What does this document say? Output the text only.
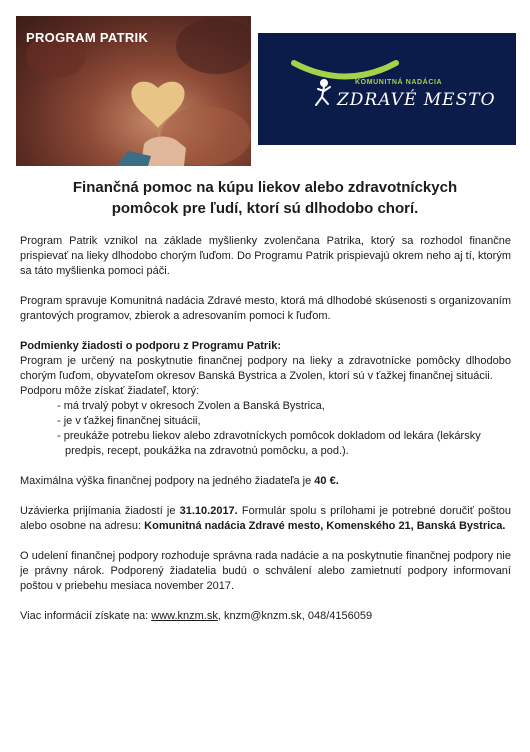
PROGRAM PATRIK
KOMUNITNÁ NADÁCIA
ZDRAVÉ MESTO
Finančná pomoc na kúpu liekov alebo zdravotníckych
pomôcok pre ľudí, ktorí sú dlhodobo chorí.

Program Patrik vznikol na základe myšlienky zvolenčana Patrika, ktorý sa rozhodol finančne prispievať na lieky dlhodobo chorým ľuďom. Do Programu Patrik prispievajú okrem neho aj tí, ktorým sa táto myšlienka pomoci páči.

Program spravuje Komunitná nadácia Zdravé mesto, ktorá má dlhodobé skúsenosti s organizovaním grantových programov, zbierok a adresovaním pomoci k ľuďom.

Podmienky žiadosti o podporu z Programu Patrik:

Program je určený na poskytnutie finančnej podpory na lieky a zdravotnícke pomôcky dlhodobo chorým ľuďom, obyvateľom okresov Banská Bystrica a Zvolen, ktorí sú v ťažkej finančnej situácii.

Podporu môže získať žiadateľ, ktorý:

- má trvalý pobyt v okresoch Zvolen a Banská Bystrica,
- je v ťažkej finančnej situácii,
- preukáže potrebu liekov alebo zdravotníckych pomôcok dokladom od lekára (lekársky predpis, recept, poukážka na zdravotnú pomôcku, a pod.).

Maximálna výška finančnej podpory na jedného žiadateľa je 40 €.

Uzávierka prijímania žiadostí je 31.10.2017. Formulár spolu s prílohami je potrebné doručiť poštou alebo osobne na adresu: Komunitná nadácia Zdravé mesto, Komenského 21, Banská Bystrica.

O udelení finančnej podpory rozhoduje správna rada nadácie a na poskytnutie finančnej podpory nie je právny nárok. Podporený žiadatelia budú o schválení alebo zamietnutí podpory informovaní poštou v priebehu mesiaca november 2017.

Viac informácií získate na: www.knzm.sk, knzm@knzm.sk, 048/4156059
